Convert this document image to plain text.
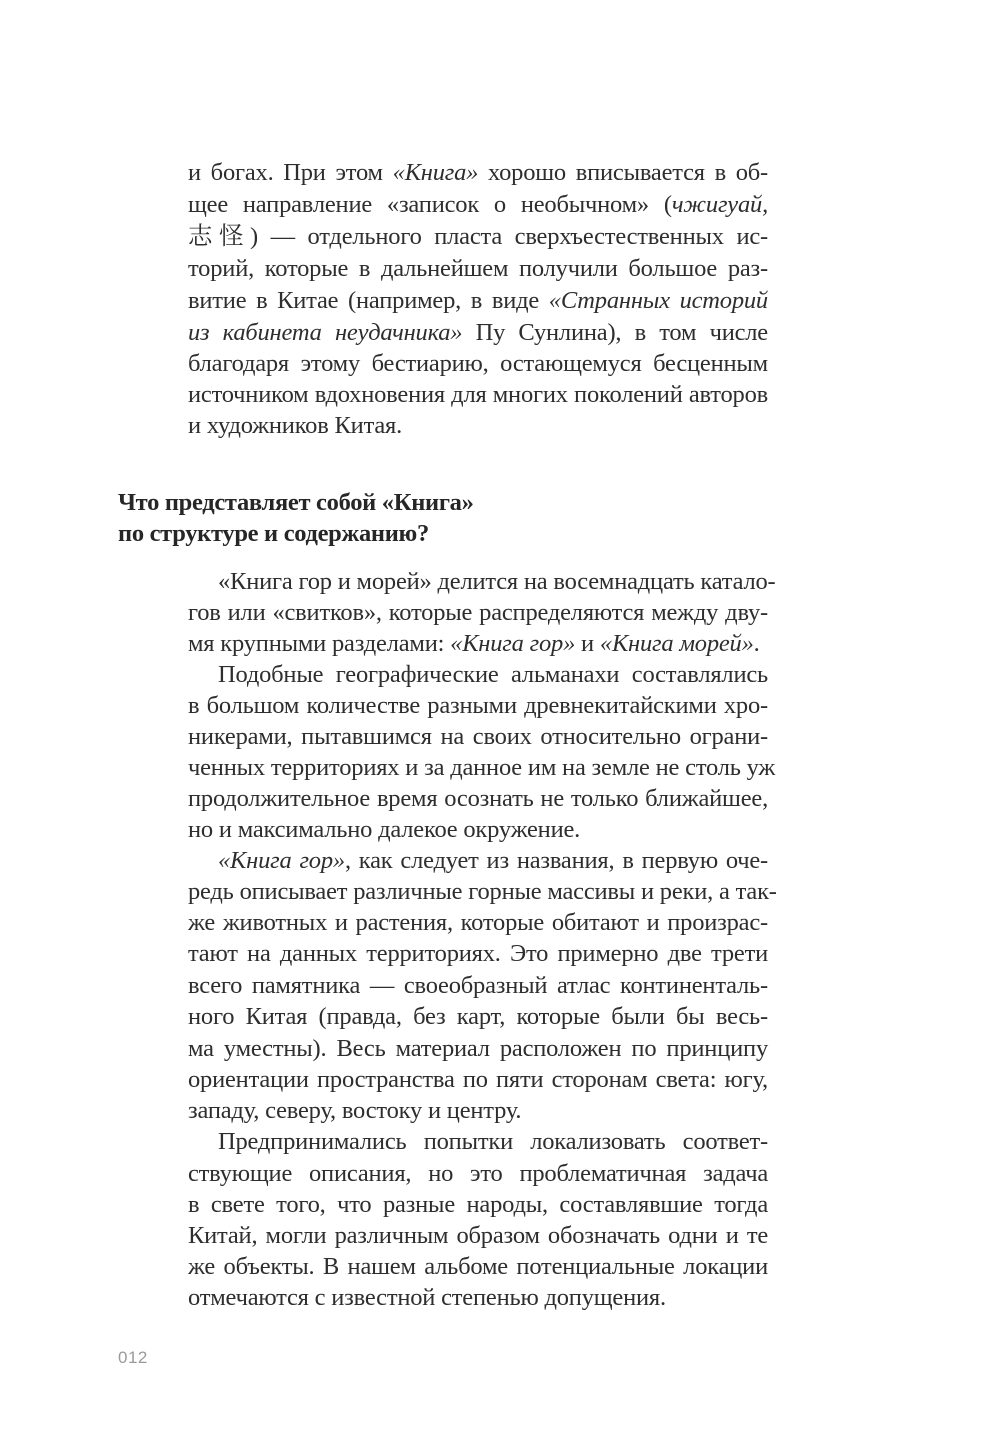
и богах. При этом «Книга» хорошо вписывается в об-
щее направление «записок о необычном» (чжигуай,
志怪) — отдельного пласта сверхъестественных ис-
торий, которые в дальнейшем получили большое раз-
витие в Китае (например, в виде «Странных историй
из кабинета неудачника» Пу Сунлина), в том числе
благодаря этому бестиарию, остающемуся бесценным
источником вдохновения для многих поколений авторов
и художников Китая.
Что представляет собой «Книга»
по структуре и содержанию?
«Книга гор и морей» делится на восемнадцать катало-
гов или «свитков», которые распределяются между дву-
мя крупными разделами: «Книга гор» и «Книга морей».
Подобные географические альманахи составлялись
в большом количестве разными древнекитайскими хро-
никерами, пытавшимся на своих относительно ограни-
ченных территориях и за данное им на земле не столь уж
продолжительное время осознать не только ближайшее,
но и максимально далекое окружение.
«Книга гор», как следует из названия, в первую оче-
редь описывает различные горные массивы и реки, а так-
же животных и растения, которые обитают и произрас-
тают на данных территориях. Это примерно две трети
всего памятника — своеобразный атлас континенталь-
ного Китая (правда, без карт, которые были бы весь-
ма уместны). Весь материал расположен по принципу
ориентации пространства по пяти сторонам света: югу,
западу, северу, востоку и центру.
Предпринимались попытки локализовать соответ-
ствующие описания, но это проблематичная задача
в свете того, что разные народы, составлявшие тогда
Китай, могли различным образом обозначать одни и те
же объекты. В нашем альбоме потенциальные локации
отмечаются с известной степенью допущения.
012
